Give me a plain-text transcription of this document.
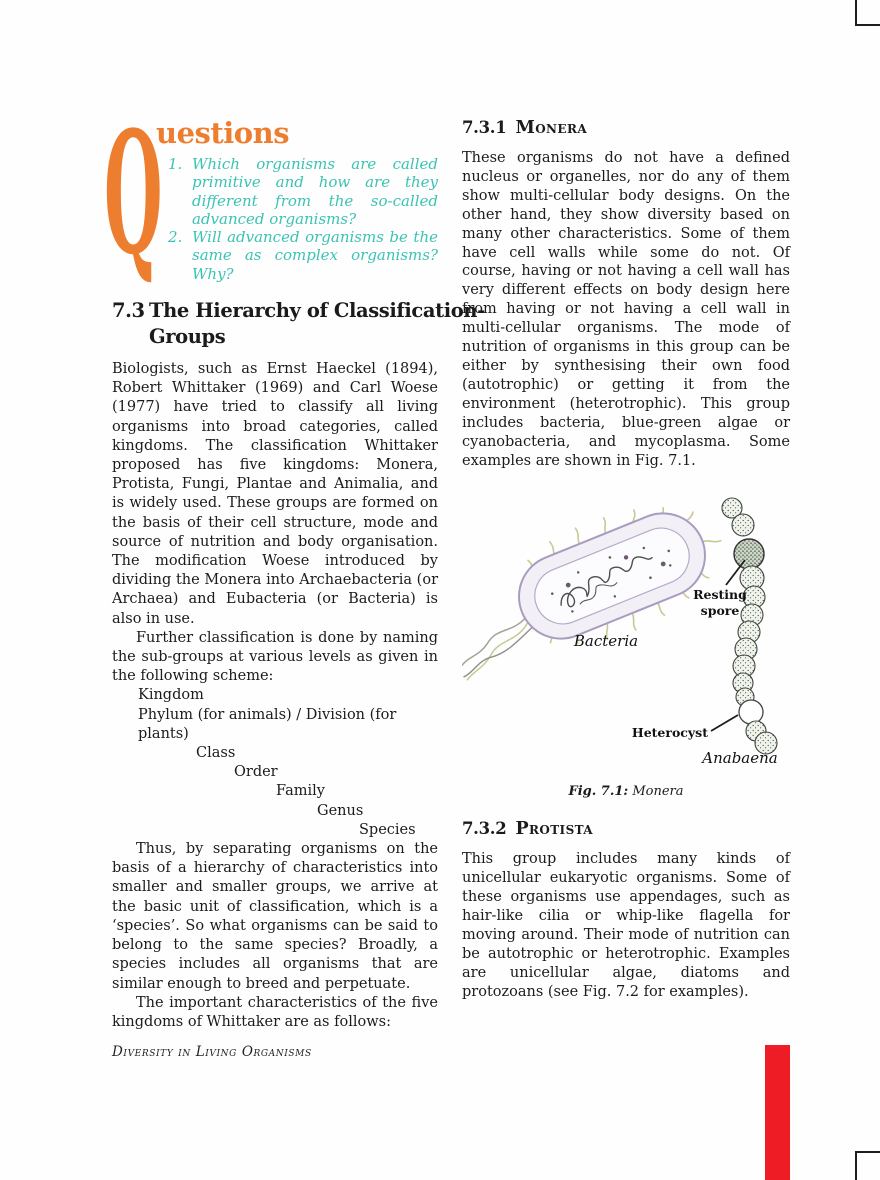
Q
uestions
1. Which organisms are called primitive and how are they different from the so-called advanced organisms?
2. Will advanced organisms be the same as complex organisms? Why?
7.3 The Hierarchy of Classification-
Groups

Biologists, such as Ernst Haeckel (1894), Robert Whittaker (1969) and Carl Woese (1977) have tried to classify all living organisms into broad categories, called kingdoms. The classification Whittaker proposed has five kingdoms: Monera, Protista, Fungi, Plantae and Animalia, and is widely used. These groups are formed on the basis of their cell structure, mode and source of nutrition and body organisation. The modification Woese introduced by dividing the Monera into Archaebacteria (or Archaea) and Eubacteria (or Bacteria) is also in use.

Further classification is done by naming the sub-groups at various levels as given in the following scheme:

Kingdom
Phylum (for animals) / Division (for plants)
Class
Order
Family
Genus
Species

Thus, by separating organisms on the basis of a hierarchy of characteristics into smaller and smaller groups, we arrive at the basic unit of classification, which is a ‘species’. So what organisms can be said to belong to the same species? Broadly, a species includes all organisms that are similar enough to breed and perpetuate.

The important characteristics of the five kingdoms of Whittaker are as follows:

7.3.1 Monera

These organisms do not have a defined nucleus or organelles, nor do any of them show multi-cellular body designs. On the other hand, they show diversity based on many other characteristics. Some of them have cell walls while some do not. Of course, having or not having a cell wall has very different effects on body design here from having or not having a cell wall in multi-cellular organisms. The mode of nutrition of organisms in this group can be either by synthesising their own food (autotrophic) or getting it from the environment (heterotrophic). This group includes bacteria, blue-green algae or cyanobacteria, and mycoplasma. Some examples are shown in Fig. 7.1.

Bacteria
Resting
spore
Heterocyst
Anabaena
Fig. 7.1: Monera
7.3.2 Protista

This group includes many kinds of unicellular eukaryotic organisms. Some of these organisms use appendages, such as hair-like cilia or whip-like flagella for moving around. Their mode of nutrition can be autotrophic or heterotrophic. Examples are unicellular algae, diatoms and protozoans (see Fig. 7.2 for examples).

Diversity in Living Organisms
